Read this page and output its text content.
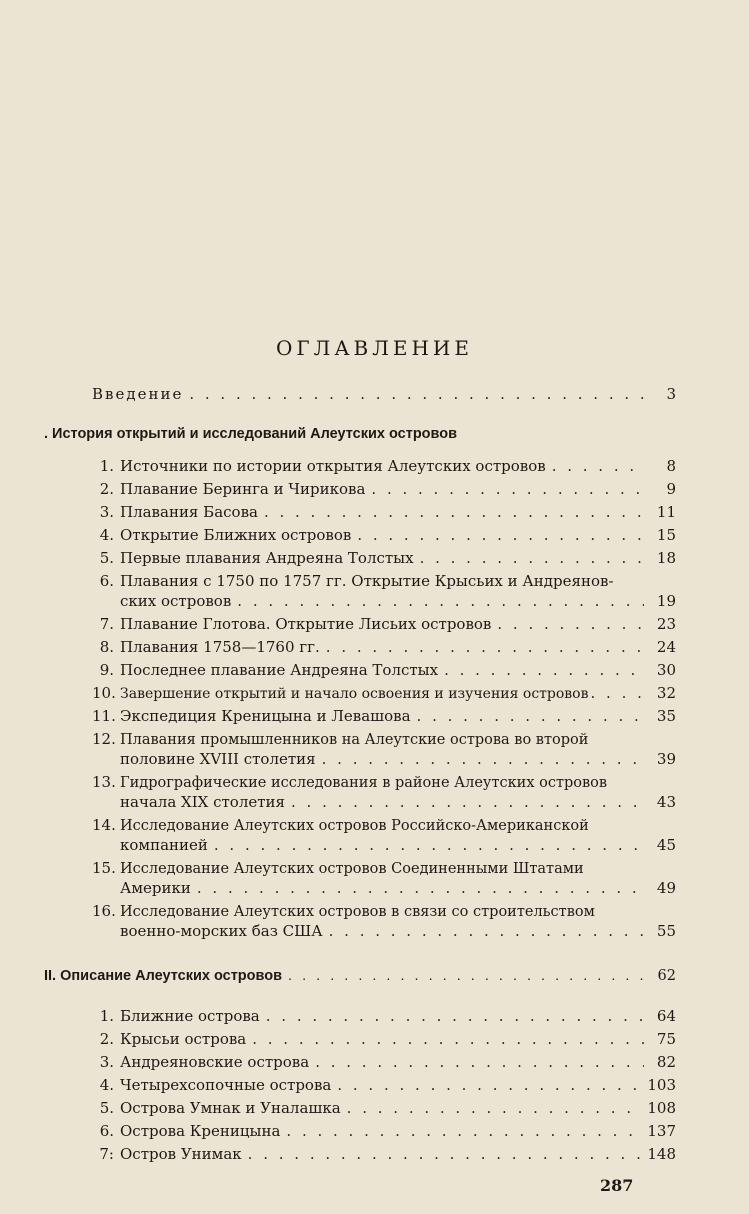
ОГЛАВЛЕНИЕ
Введение . . .	3
. История открытий и исследований Алеутских островов
1. Источники по истории открытия Алеутских островов . . .	8
2. Плавание Беринга и Чирикова . . .	9
3. Плавания Басова . . .	11
4. Открытие Ближних островов . . .	15
5. Первые плавания Андреяна Толстых . . .	18
6. Плавания с 1750 по 1757 гг. Открытие Крысьих и Андреянов-
ских островов . . .	19
7. Плавание Глотова. Открытие Лисьих островов . . .	23
8. Плавания 1758—1760 гг. . . .	24
9. Последнее плавание Андреяна Толстых . . .	30
10. Завершение открытий и начало освоения и изучения островов . . .	32
11. Экспедиция Креницына и Левашова . . .	35
12. Плавания промышленников на Алеутские острова во второй
половине XVIII столетия . . .	39
13. Гидрографические исследования в районе Алеутских островов
начала XIX столетия . . .	43
14. Исследование Алеутских островов Российско-Американской
компанией . . .	45
15. Исследование Алеутских островов Соединенными Штатами
Америки . . .	49
16. Исследование Алеутских островов в связи со строительством
военно-морских баз США . . .	55
II. Описание Алеутских островов . . .	62
1. Ближние острова . . .	64
2. Крысьи острова . . .	75
3. Андреяновские острова . . .	82
4. Четырехсопочные острова . . .	103
5. Острова Умнак и Уналашка . . .	108
6. Острова Креницына . . .	137
7: Остров Унимак . . .	148
287
